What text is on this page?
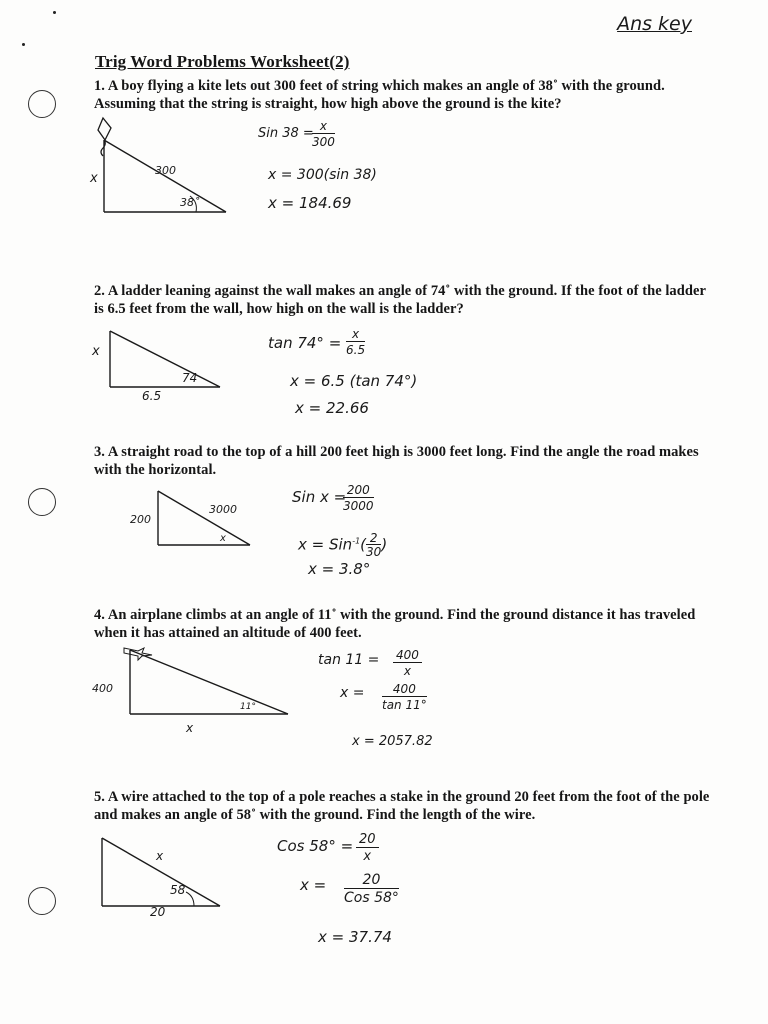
Ans key
Trig Word Problems Worksheet(2)
1. A boy flying a kite lets out 300 feet of string which makes an angle of 38˚ with the ground. Assuming that the string is straight, how high above the ground is the kite?
x
300
38˚
Sin 38 =
$\frac{x}{300}$
x = 300(sin 38)
x = 184.69
2. A ladder leaning against the wall makes an angle of 74˚ with the ground. If the foot of the ladder is 6.5 feet from the wall, how high on the wall is the ladder?
x
74
6.5
$\tan 74^\circ = \frac{x}{6.5}$
x = 6.5 (tan 74°)
x = 22.66
3. A straight road to the top of a hill 200 feet high is 3000 feet long. Find the angle the road makes with the horizontal.
200
3000
x
Sin x =
$\frac{200}{3000}$
$x = Sin^{-1}( \frac{2}{30}$ )
x = 3.8°
4. An airplane climbs at an angle of 11˚ with the ground. Find the ground distance it has traveled when it has attained an altitude of 400 feet.
400
11°
x
$\tan 11 = \frac{400}{x}$
$x = \frac{400}{\tan 11^\circ}$
x = 2057.82
5. A wire attached to the top of a pole reaches a stake in the ground 20 feet from the foot of the pole and makes an angle of 58˚ with the ground. Find the length of the wire.
x
58
20
Cos $58^\circ = \frac{20}{x}$
x =	20
Cos 58°
x = 37.74
